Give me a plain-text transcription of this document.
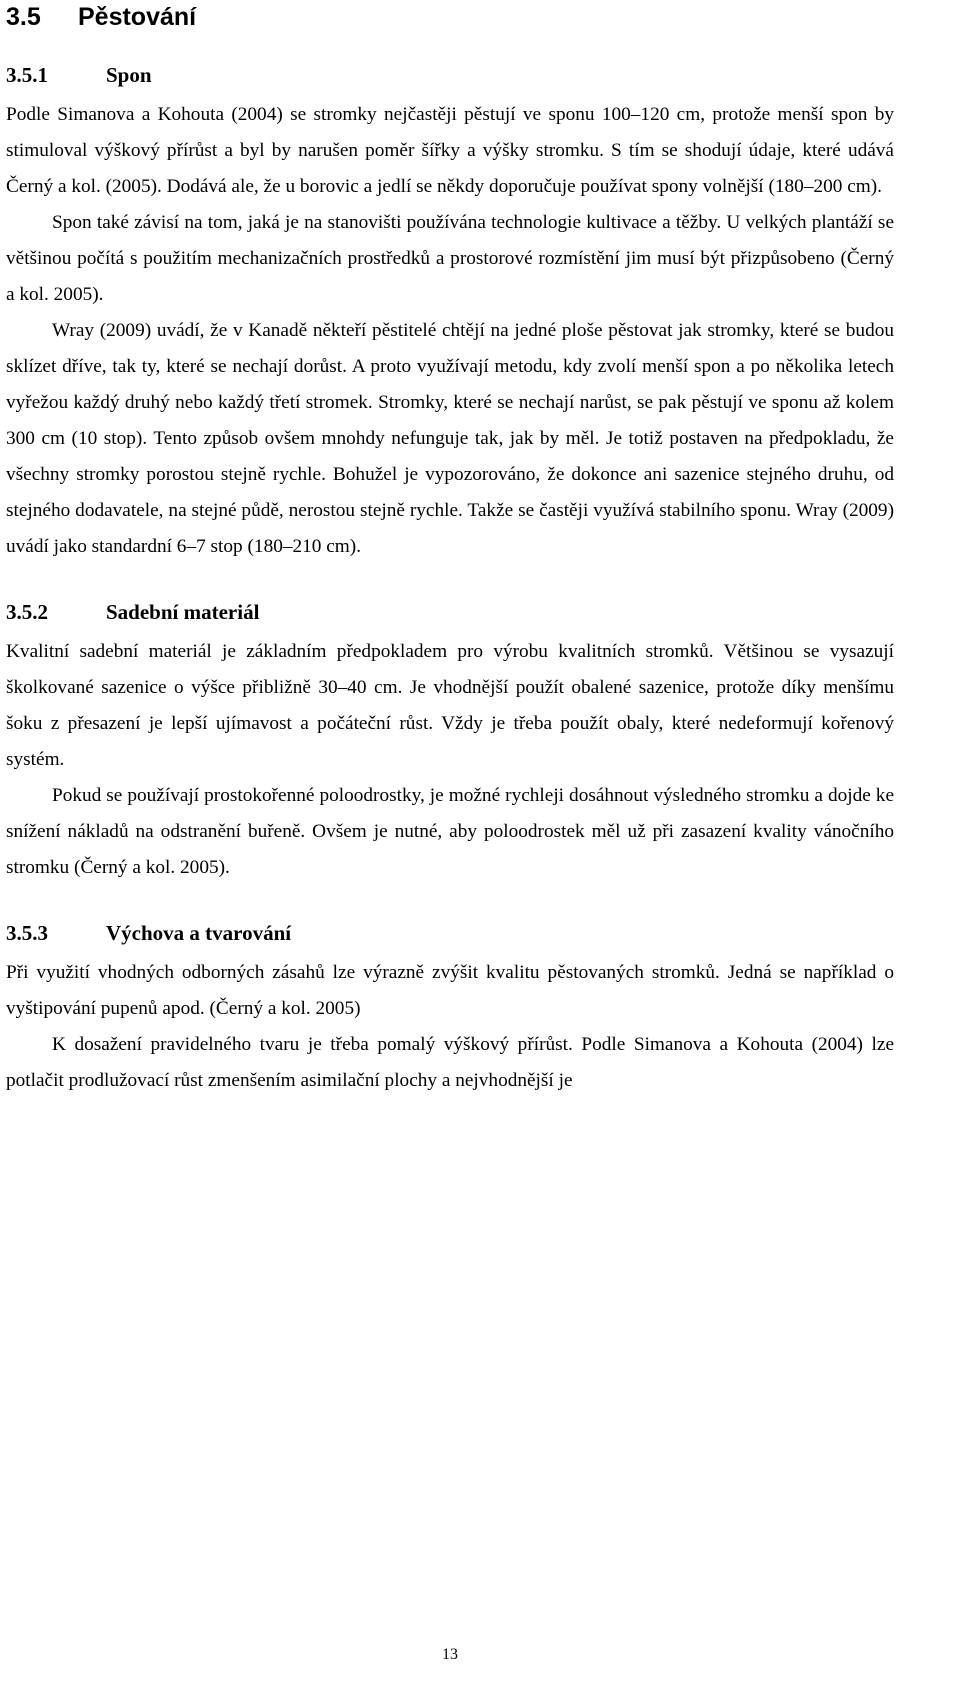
3.5	Pěstování
3.5.1	Spon

Podle Simanova a Kohouta (2004) se stromky nejčastěji pěstují ve sponu 100–120 cm, protože menší spon by stimuloval výškový přírůst a byl by narušen poměr šířky a výšky stromku. S tím se shodují údaje, které udává Černý a kol. (2005). Dodává ale, že u borovic a jedlí se někdy doporučuje používat spony volnější (180–200 cm).

Spon také závisí na tom, jaká je na stanovišti používána technologie kultivace a těžby. U velkých plantáží se většinou počítá s použitím mechanizačních prostředků a prostorové rozmístění jim musí být přizpůsobeno (Černý a kol. 2005).

Wray (2009) uvádí, že v Kanadě někteří pěstitelé chtějí na jedné ploše pěstovat jak stromky, které se budou sklízet dříve, tak ty, které se nechají dorůst. A proto využívají metodu, kdy zvolí menší spon a po několika letech vyřežou každý druhý nebo každý třetí stromek. Stromky, které se nechají narůst, se pak pěstují ve sponu až kolem 300 cm (10 stop). Tento způsob ovšem mnohdy nefunguje tak, jak by měl. Je totiž postaven na předpokladu, že všechny stromky porostou stejně rychle. Bohužel je vypozorováno, že dokonce ani sazenice stejného druhu, od stejného dodavatele, na stejné půdě, nerostou stejně rychle. Takže se častěji využívá stabilního sponu. Wray (2009) uvádí jako standardní 6–7 stop (180–210 cm).

3.5.2	Sadební materiál

Kvalitní sadební materiál je základním předpokladem pro výrobu kvalitních stromků. Většinou se vysazují školkované sazenice o výšce přibližně 30–40 cm. Je vhodnější použít obalené sazenice, protože díky menšímu šoku z přesazení je lepší ujímavost a počáteční růst. Vždy je třeba použít obaly, které nedeformují kořenový systém.

Pokud se používají prostokořenné poloodrostky, je možné rychleji dosáhnout výsledného stromku a dojde ke snížení nákladů na odstranění buřeně. Ovšem je nutné, aby poloodrostek měl už při zasazení kvality vánočního stromku (Černý a kol. 2005).

3.5.3	Výchova a tvarování

Při využití vhodných odborných zásahů lze výrazně zvýšit kvalitu pěstovaných stromků. Jedná se například o vyštipování pupenů apod. (Černý a kol. 2005)

K dosažení pravidelného tvaru je třeba pomalý výškový přírůst. Podle Simanova a Kohouta (2004) lze potlačit prodlužovací růst zmenšením asimilační plochy a nejvhodnější je

13
